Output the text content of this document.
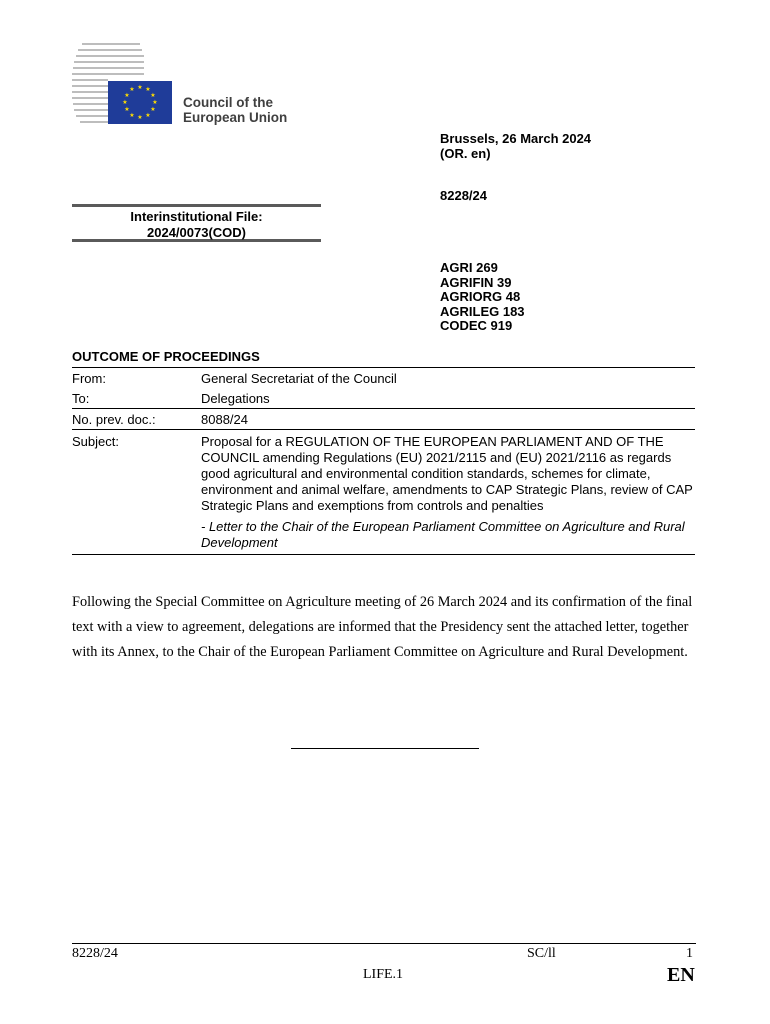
★ ★
★
★
★
★
★
★
★
★
★
★
Council of the
European Union
Brussels, 26 March 2024
(OR. en)
8228/24
Interinstitutional File:
2024/0073(COD)
AGRI 269
AGRIFIN 39
AGRIORG 48
AGRILEG 183
CODEC 919
OUTCOME OF PROCEEDINGS
From:	General Secretariat of the Council
To:	Delegations
No. prev. doc.:	8088/24
Subject:	Proposal for a REGULATION OF THE EUROPEAN PARLIAMENT AND OF THE COUNCIL amending Regulations (EU) 2021/2115 and (EU) 2021/2116 as regards good agricultural and environmental condition standards, schemes for climate, environment and animal welfare, amendments to CAP Strategic Plans, review of CAP Strategic Plans and exemptions from controls and penalties
- Letter to the Chair of the European Parliament Committee on Agriculture and Rural Development
Following the Special Committee on Agriculture meeting of 26 March 2024 and its confirmation of the final text with a view to agreement, delegations are informed that the Presidency sent the attached letter, together with its Annex, to the Chair of the European Parliament Committee on Agriculture and Rural Development.
8228/24	SC/ll	1
LIFE.1	EN
